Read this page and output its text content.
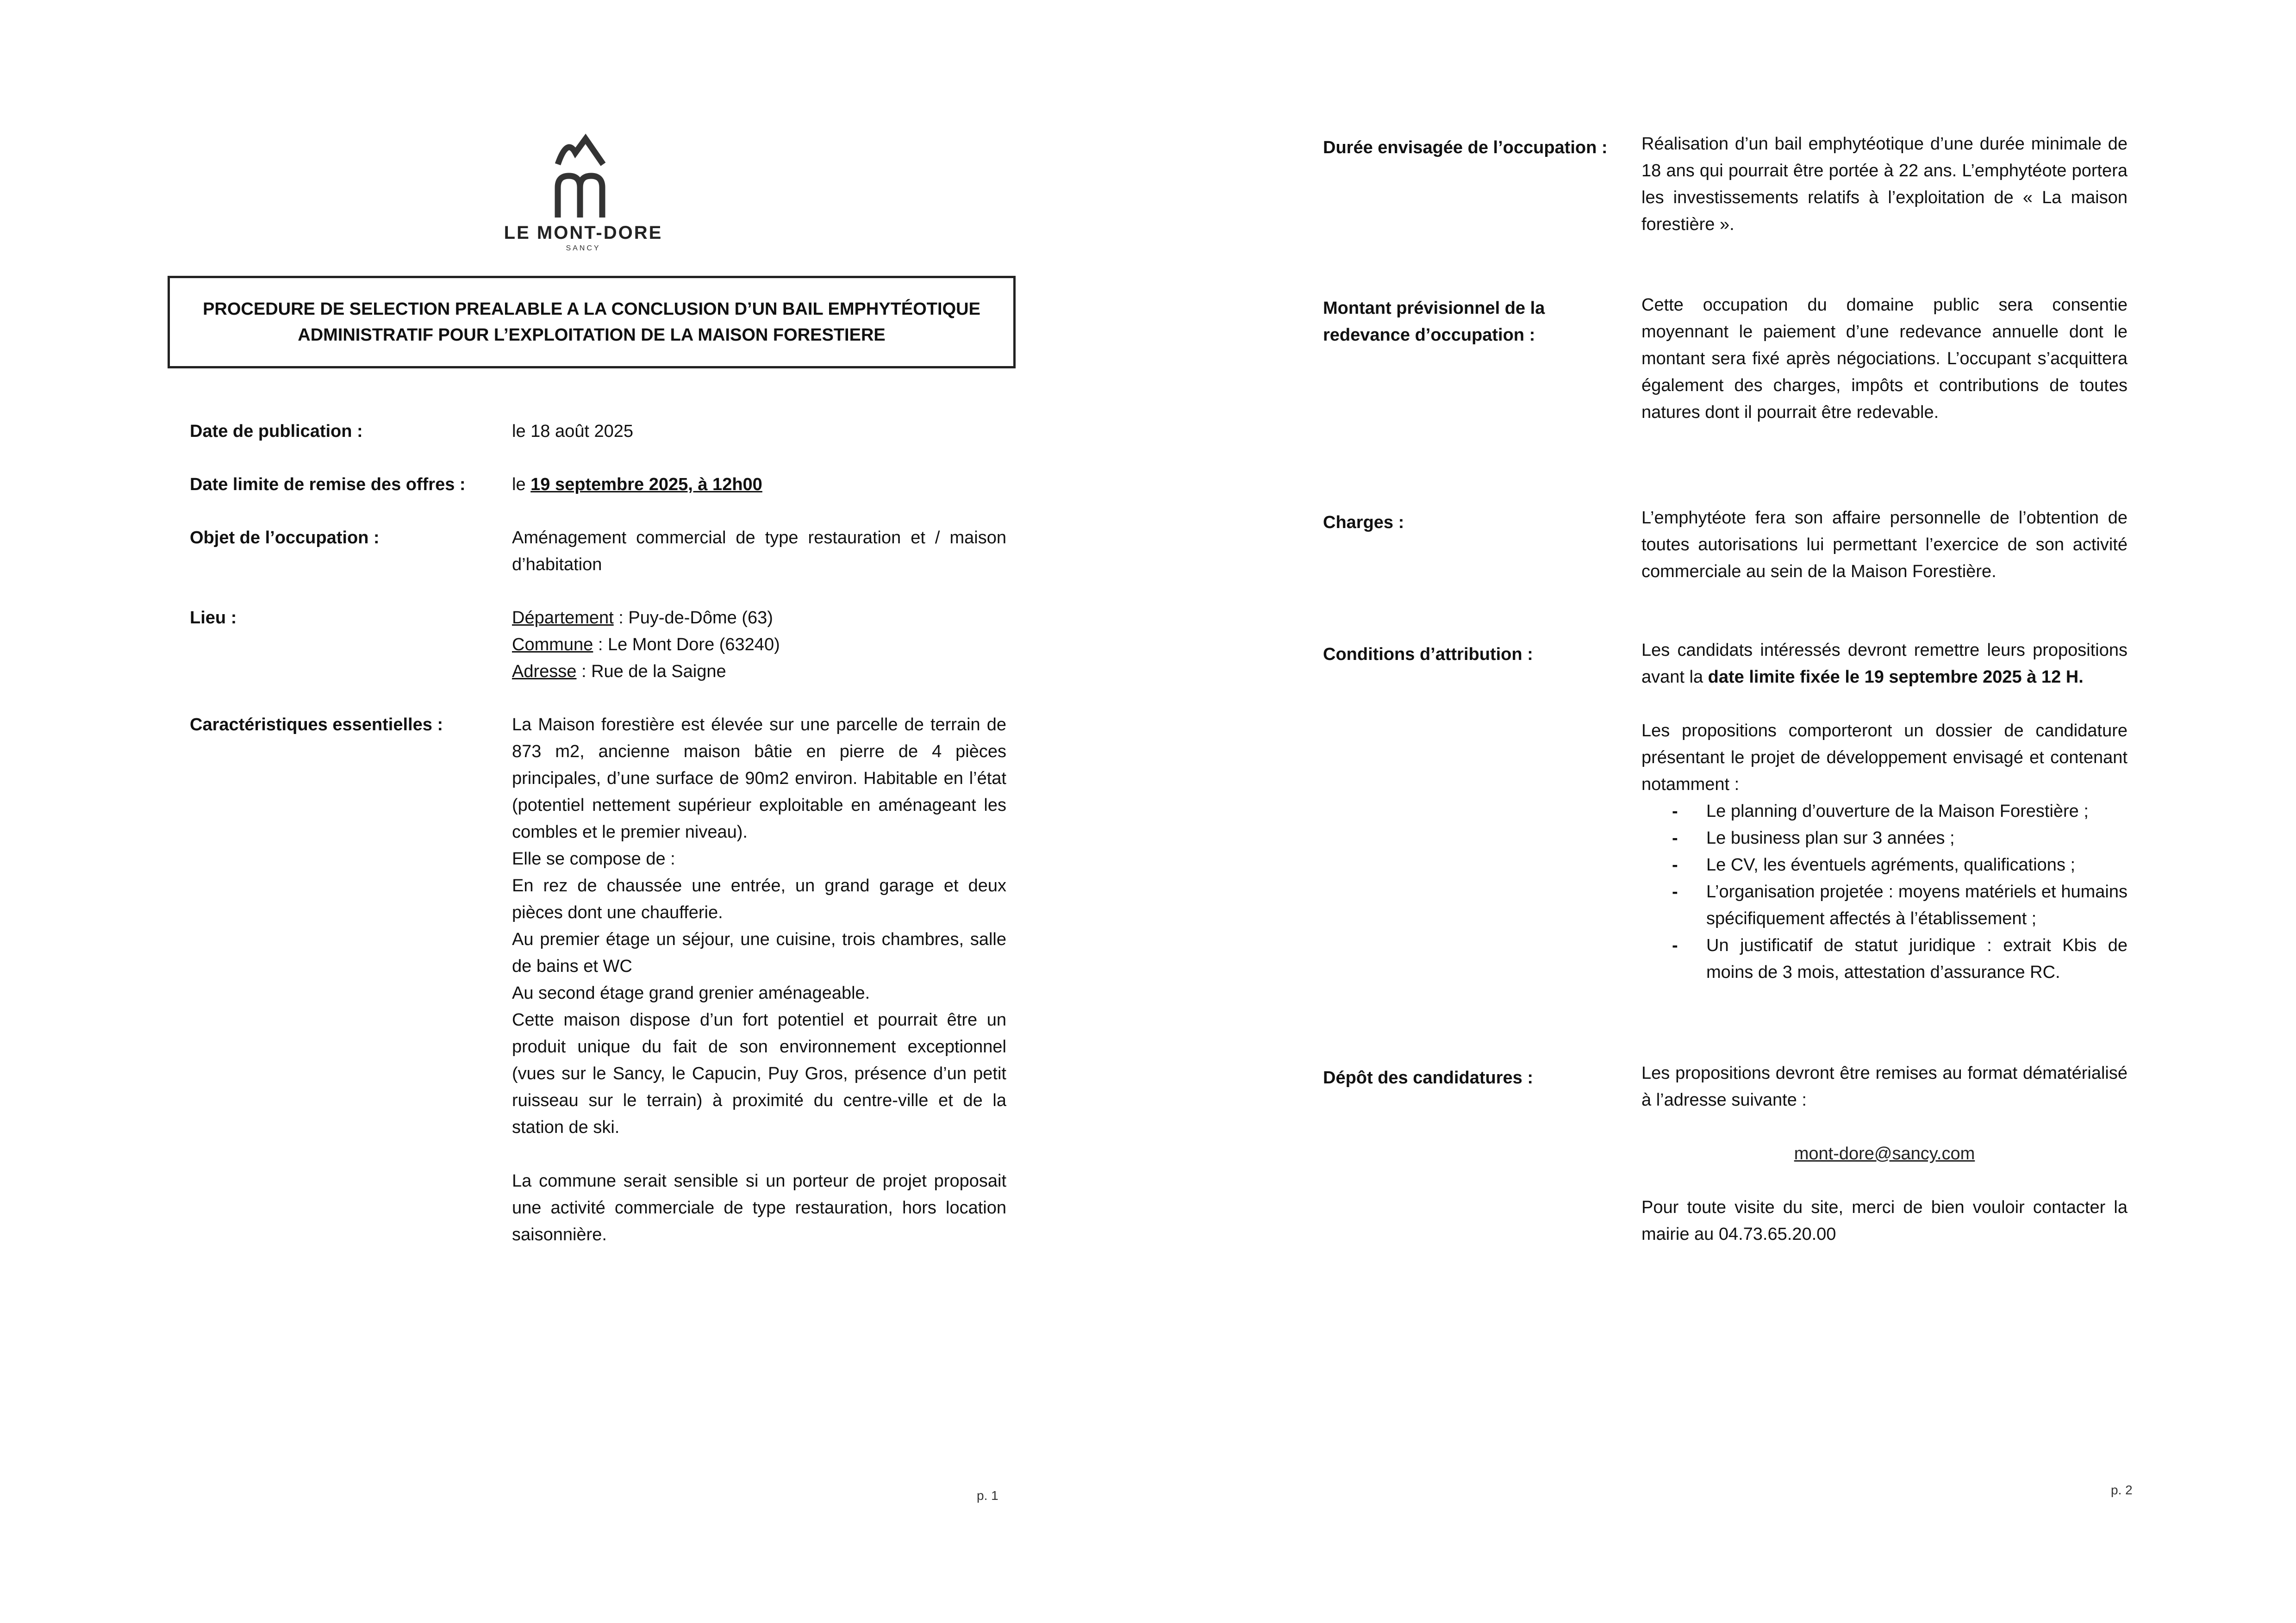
LE MONT-DORE
SANCY
PROCEDURE DE SELECTION PREALABLE A LA CONCLUSION D’UN BAIL EMPHYTÉOTIQUE
ADMINISTRATIF POUR L’EXPLOITATION DE LA MAISON FORESTIERE
Date de publication :	le 18 août 2025
Date limite de remise des offres :	le 19 septembre 2025, à 12h00
Objet de l’occupation :	Aménagement commercial de type restauration et / maison d’habitation
Lieu :	Département : Puy-de-Dôme (63)

Commune : Le Mont Dore (63240)

Adresse : Rue de la Saigne

Caractéristiques essentielles :	La Maison forestière est élevée sur une parcelle de terrain de 873 m2, ancienne maison bâtie en pierre de 4 pièces principales, d’une surface de 90m2 environ. Habitable en l’état (potentiel nettement supérieur exploitable en aménageant les combles et le premier niveau).

Elle se compose de :

En rez de chaussée une entrée, un grand garage et deux pièces dont une chaufferie.

Au premier étage un séjour, une cuisine, trois chambres, salle de bains et WC

Au second étage grand grenier aménageable.

Cette maison dispose d’un fort potentiel et pourrait être un produit unique du fait de son environnement exceptionnel (vues sur le Sancy, le Capucin, Puy Gros, présence d’un petit ruisseau sur le terrain) à proximité du centre-ville et de la station de ski.

La commune serait sensible si un porteur de projet proposait une activité commerciale de type restauration, hors location saisonnière.

p. 1
Durée envisagée de l’occupation : Réalisation d’un bail emphytéotique d’une durée minimale de 18 ans qui pourrait être portée à 22 ans. L’emphytéote portera les investissements relatifs à l’exploitation de « La maison forestière ».
Montant prévisionnel de la
redevance d’occupation :
Cette occupation du domaine public sera consentie moyennant le paiement d’une redevance annuelle dont le montant sera fixé après négociations. L’occupant s’acquittera également des charges, impôts et contributions de toutes natures dont il pourrait être redevable.
Charges :	L’emphytéote fera son affaire personnelle de l’obtention de toutes autorisations lui permettant l’exercice de son activité commerciale au sein de la Maison Forestière.
Conditions d’attribution :	Les candidats intéressés devront remettre leurs propositions avant la date limite fixée le 19 septembre 2025 à 12 H.

Les propositions comporteront un dossier de candidature présentant le projet de développement envisagé et contenant notamment :

- Le planning d’ouverture de la Maison Forestière ;
- Le business plan sur 3 années ;
- Le CV, les éventuels agréments, qualifications ;
- L’organisation projetée : moyens matériels et humains spécifiquement affectés à l’établissement ;
- Un justificatif de statut juridique : extrait Kbis de moins de 3 mois, attestation d’assurance RC.
Dépôt des candidatures :	Les propositions devront être remises au format dématérialisé à l’adresse suivante :

mont-dore@sancy.com

Pour toute visite du site, merci de bien vouloir contacter la mairie au 04.73.65.20.00

p. 2
